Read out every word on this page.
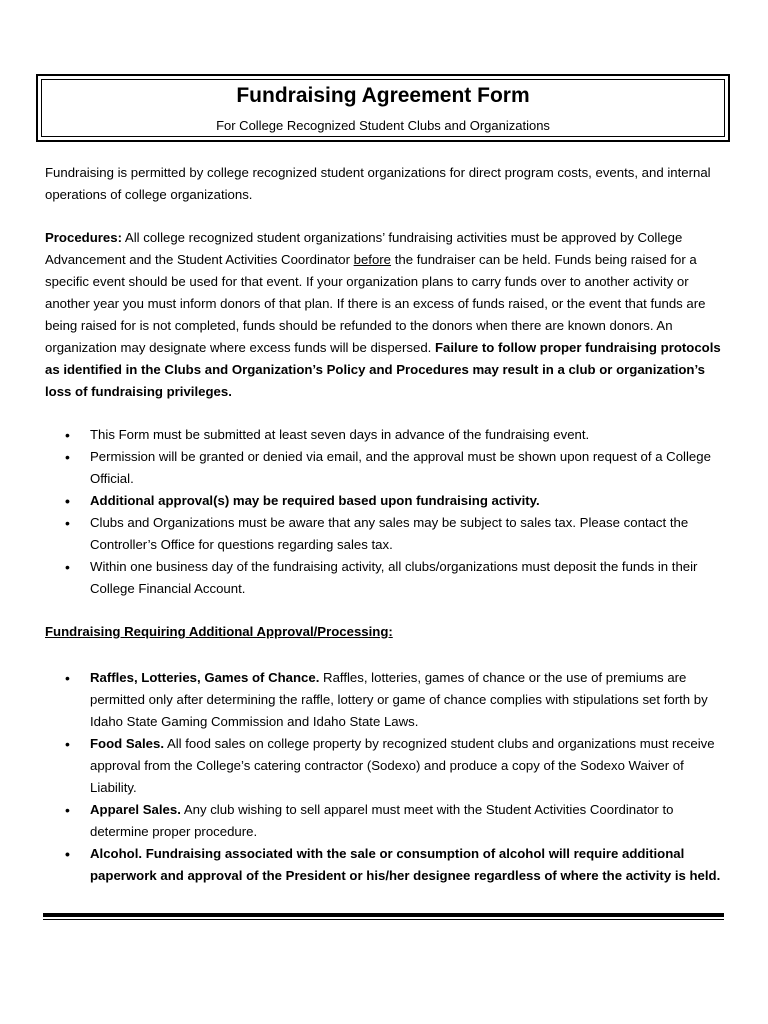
Fundraising Agreement Form
For College Recognized Student Clubs and Organizations
Fundraising is permitted by college recognized student organizations for direct program costs, events, and internal operations of college organizations.
Procedures: All college recognized student organizations’ fundraising activities must be approved by College Advancement and the Student Activities Coordinator before the fundraiser can be held. Funds being raised for a specific event should be used for that event. If your organization plans to carry funds over to another activity or another year you must inform donors of that plan. If there is an excess of funds raised, or the event that funds are being raised for is not completed, funds should be refunded to the donors when there are known donors. An organization may designate where excess funds will be dispersed. Failure to follow proper fundraising protocols as identified in the Clubs and Organization’s Policy and Procedures may result in a club or organization’s loss of fundraising privileges.
• This Form must be submitted at least seven days in advance of the fundraising event.
• Permission will be granted or denied via email, and the approval must be shown upon request of a College Official.
• Additional approval(s) may be required based upon fundraising activity.
• Clubs and Organizations must be aware that any sales may be subject to sales tax. Please contact the Controller’s Office for questions regarding sales tax.
• Within one business day of the fundraising activity, all clubs/organizations must deposit the funds in their College Financial Account.
Fundraising Requiring Additional Approval/Processing:
• Raffles, Lotteries, Games of Chance. Raffles, lotteries, games of chance or the use of premiums are permitted only after determining the raffle, lottery or game of chance complies with stipulations set forth by Idaho State Gaming Commission and Idaho State Laws.
• Food Sales. All food sales on college property by recognized student clubs and organizations must receive approval from the College’s catering contractor (Sodexo) and produce a copy of the Sodexo Waiver of Liability.
• Apparel Sales. Any club wishing to sell apparel must meet with the Student Activities Coordinator to determine proper procedure.
• Alcohol. Fundraising associated with the sale or consumption of alcohol will require additional paperwork and approval of the President or his/her designee regardless of where the activity is held.
